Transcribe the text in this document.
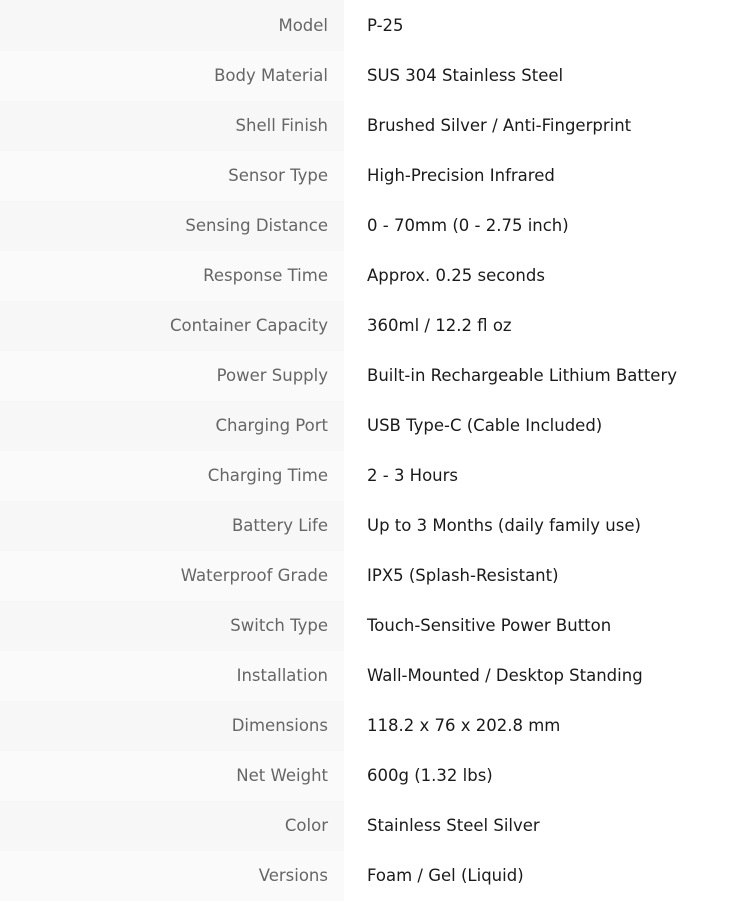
Model	P-25
Body Material	SUS 304 Stainless Steel
Shell Finish	Brushed Silver / Anti-Fingerprint
Sensor Type	High-Precision Infrared
Sensing Distance	0 - 70mm (0 - 2.75 inch)
Response Time	Approx. 0.25 seconds
Container Capacity	360ml / 12.2 fl oz
Power Supply	Built-in Rechargeable Lithium Battery
Charging Port	USB Type-C (Cable Included)
Charging Time	2 - 3 Hours
Battery Life	Up to 3 Months (daily family use)
Waterproof Grade	IPX5 (Splash-Resistant)
Switch Type	Touch-Sensitive Power Button
Installation	Wall-Mounted / Desktop Standing
Dimensions	118.2 x 76 x 202.8 mm
Net Weight	600g (1.32 lbs)
Color	Stainless Steel Silver
Versions	Foam / Gel (Liquid)
